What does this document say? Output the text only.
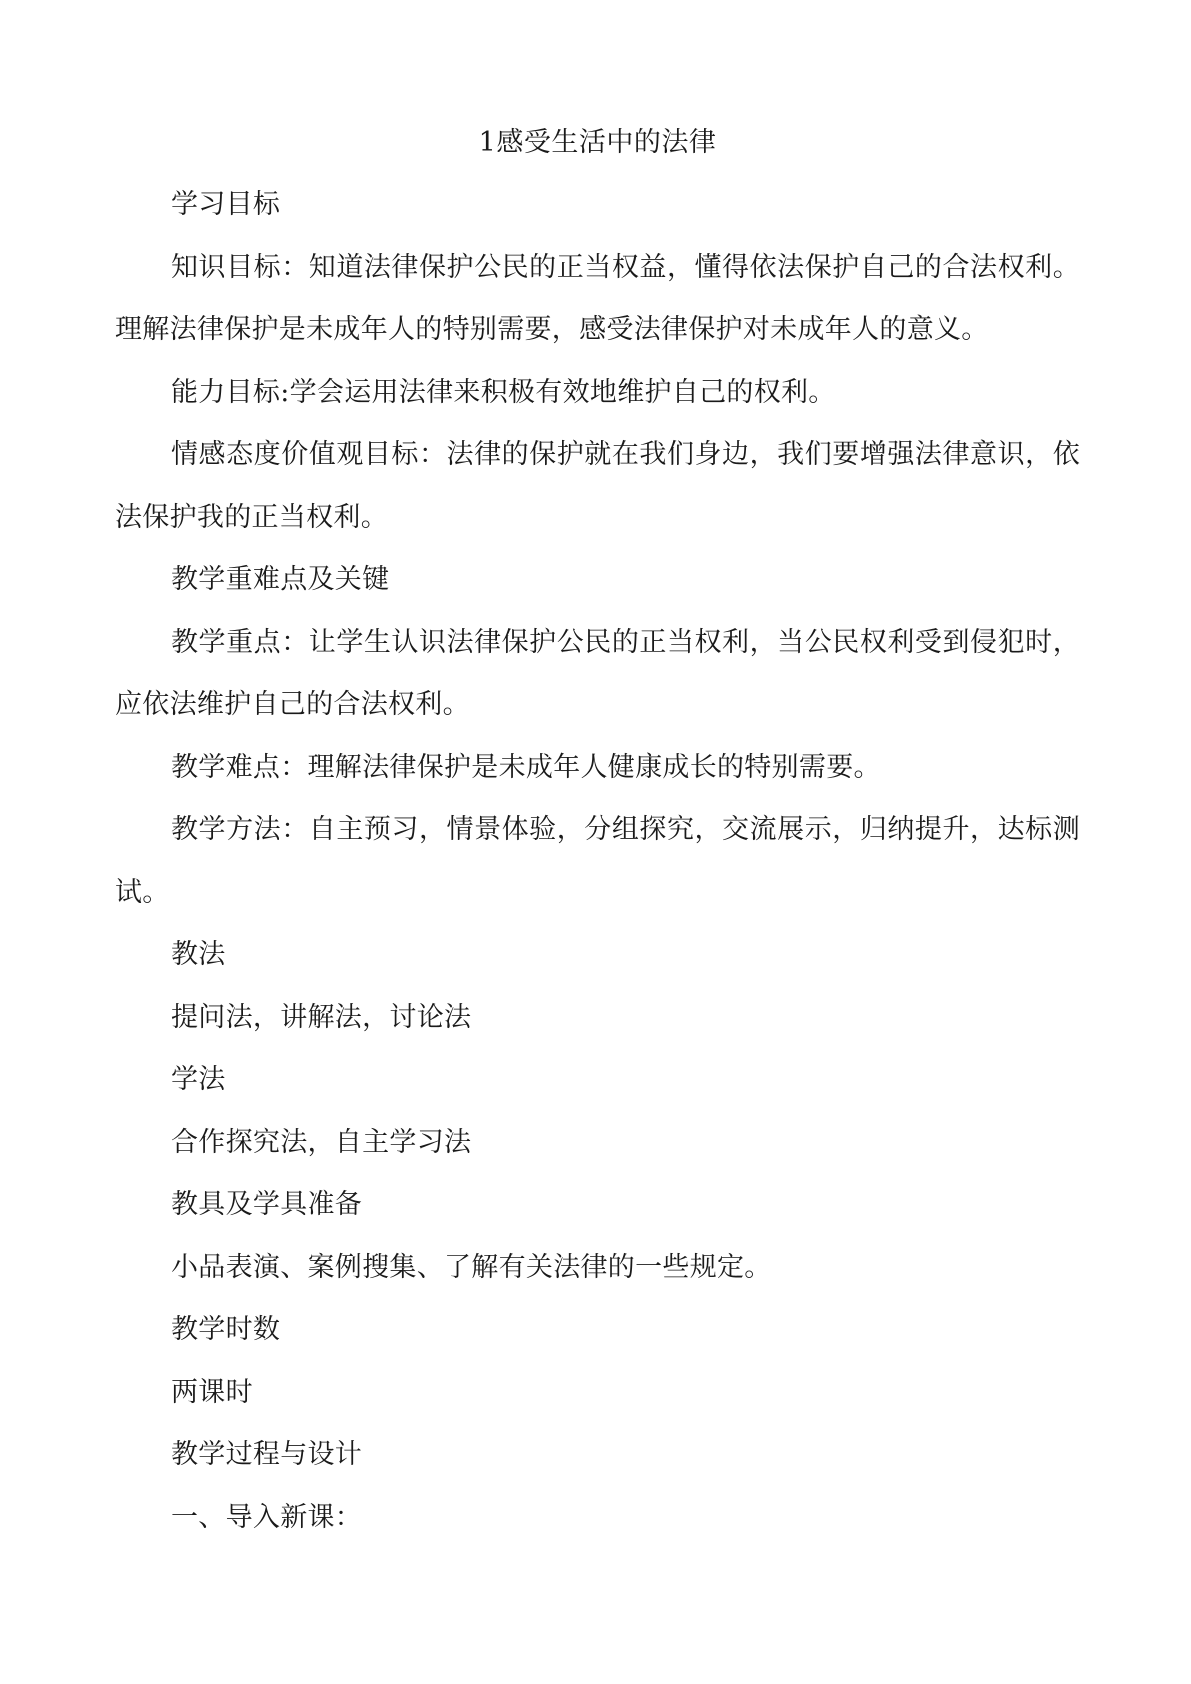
1感受生活中的法律

学习目标

知识目标：知道法律保护公民的正当权益，懂得依法保护自己的合法权利。理解法律保护是未成年人的特别需要，感受法律保护对未成年人的意义。

能力目标:学会运用法律来积极有效地维护自己的权利。

情感态度价值观目标：法律的保护就在我们身边，我们要增强法律意识，依法保护我的正当权利。

教学重难点及关键

教学重点：让学生认识法律保护公民的正当权利，当公民权利受到侵犯时，应依法维护自己的合法权利。

教学难点：理解法律保护是未成年人健康成长的特别需要。

教学方法：自主预习，情景体验，分组探究，交流展示，归纳提升，达标测试。

教法

提问法，讲解法，讨论法

学法

合作探究法，自主学习法

教具及学具准备

小品表演、案例搜集、了解有关法律的一些规定。

教学时数

两课时

教学过程与设计

一、导入新课：
